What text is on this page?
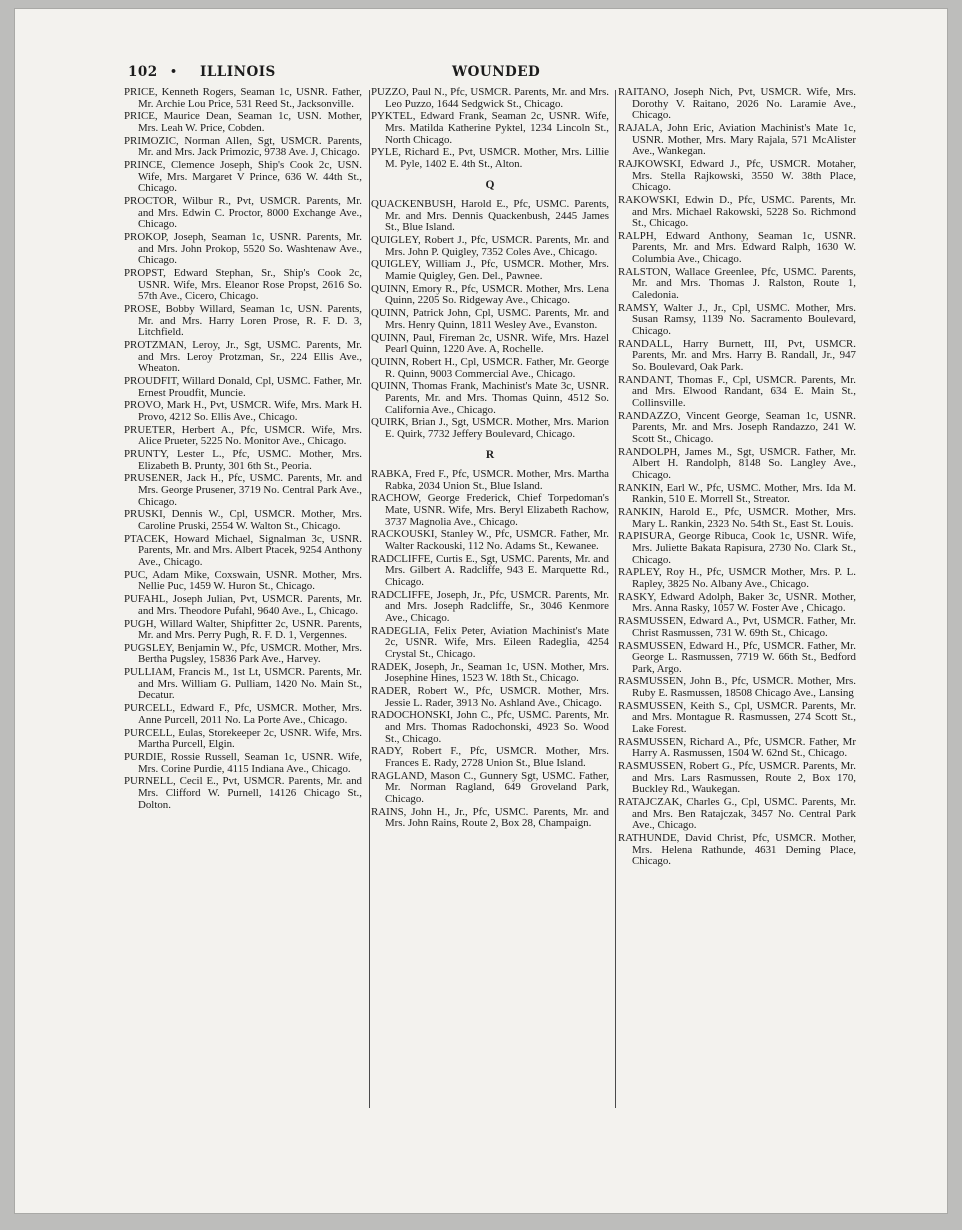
102 • ILLINOIS	WOUNDED
PRICE, Kenneth Rogers, Seaman 1c, USNR. Father, Mr. Archie Lou Price, 531 Reed St., Jacksonville.
PRICE, Maurice Dean, Seaman 1c, USN. Mother, Mrs. Leah W. Price, Cobden.
PRIMOZIC, Norman Allen, Sgt, USMCR. Parents, Mr. and Mrs. Jack Primozic, 9738 Ave. J, Chicago.
PRINCE, Clemence Joseph, Ship's Cook 2c, USN. Wife, Mrs. Margaret V Prince, 636 W. 44th St., Chicago.
PROCTOR, Wilbur R., Pvt, USMCR. Parents, Mr. and Mrs. Edwin C. Proctor, 8000 Exchange Ave., Chicago.
PROKOP, Joseph, Seaman 1c, USNR. Parents, Mr. and Mrs. John Prokop, 5520 So. Washtenaw Ave., Chicago.
PROPST, Edward Stephan, Sr., Ship's Cook 2c, USNR. Wife, Mrs. Eleanor Rose Propst, 2616 So. 57th Ave., Cicero, Chicago.
PROSE, Bobby Willard, Seaman 1c, USN. Parents, Mr. and Mrs. Harry Loren Prose, R. F. D. 3, Litchfield.
PROTZMAN, Leroy, Jr., Sgt, USMC. Parents, Mr. and Mrs. Leroy Protzman, Sr., 224 Ellis Ave., Wheaton.
PROUDFIT, Willard Donald, Cpl, USMC. Father, Mr. Ernest Proudfit, Muncie.
PROVO, Mark H., Pvt, USMCR. Wife, Mrs. Mark H. Provo, 4212 So. Ellis Ave., Chicago.
PRUETER, Herbert A., Pfc, USMCR. Wife, Mrs. Alice Prueter, 5225 No. Monitor Ave., Chicago.
PRUNTY, Lester L., Pfc, USMC. Mother, Mrs. Elizabeth B. Prunty, 301 6th St., Peoria.
PRUSENER, Jack H., Pfc, USMC. Parents, Mr. and Mrs. George Prusener, 3719 No. Central Park Ave., Chicago.
PRUSKI, Dennis W., Cpl, USMCR. Mother, Mrs. Caroline Pruski, 2554 W. Walton St., Chicago.
PTACEK, Howard Michael, Signalman 3c, USNR. Parents, Mr. and Mrs. Albert Ptacek, 9254 Anthony Ave., Chicago.
PUC, Adam Mike, Coxswain, USNR. Mother, Mrs. Nellie Puc, 1459 W. Huron St., Chicago.
PUFAHL, Joseph Julian, Pvt, USMCR. Parents, Mr. and Mrs. Theodore Pufahl, 9640 Ave., L, Chicago.
PUGH, Willard Walter, Shipfitter 2c, USNR. Parents, Mr. and Mrs. Perry Pugh, R. F. D. 1, Vergennes.
PUGSLEY, Benjamin W., Pfc, USMCR. Mother, Mrs. Bertha Pugsley, 15836 Park Ave., Harvey.
PULLIAM, Francis M., 1st Lt, USMCR. Parents, Mr. and Mrs. William G. Pulliam, 1420 No. Main St., Decatur.
PURCELL, Edward F., Pfc, USMCR. Mother, Mrs. Anne Purcell, 2011 No. La Porte Ave., Chicago.
PURCELL, Eulas, Storekeeper 2c, USNR. Wife, Mrs. Martha Purcell, Elgin.
PURDIE, Rossie Russell, Seaman 1c, USNR. Wife, Mrs. Corine Purdie, 4115 Indiana Ave., Chicago.
PURNELL, Cecil E., Pvt, USMCR. Parents, Mr. and Mrs. Clifford W. Purnell, 14126 Chicago St., Dolton.
PUZZO, Paul N., Pfc, USMCR. Parents, Mr. and Mrs. Leo Puzzo, 1644 Sedgwick St., Chicago.
PYKTEL, Edward Frank, Seaman 2c, USNR. Wife, Mrs. Matilda Katherine Pyktel, 1234 Lincoln St., North Chicago.
PYLE, Richard E., Pvt, USMCR. Mother, Mrs. Lillie M. Pyle, 1402 E. 4th St., Alton.
Q
QUACKENBUSH, Harold E., Pfc, USMC. Parents, Mr. and Mrs. Dennis Quackenbush, 2445 James St., Blue Island.
QUIGLEY, Robert J., Pfc, USMCR. Parents, Mr. and Mrs. John P. Quigley, 7352 Coles Ave., Chicago.
QUIGLEY, William J., Pfc, USMCR. Mother, Mrs. Mamie Quigley, Gen. Del., Pawnee.
QUINN, Emory R., Pfc, USMCR. Mother, Mrs. Lena Quinn, 2205 So. Ridgeway Ave., Chicago.
QUINN, Patrick John, Cpl, USMC. Parents, Mr. and Mrs. Henry Quinn, 1811 Wesley Ave., Evanston.
QUINN, Paul, Fireman 2c, USNR. Wife, Mrs. Hazel Pearl Quinn, 1220 Ave. A, Rochelle.
QUINN, Robert H., Cpl, USMCR. Father, Mr. George R. Quinn, 9003 Commercial Ave., Chicago.
QUINN, Thomas Frank, Machinist's Mate 3c, USNR. Parents, Mr. and Mrs. Thomas Quinn, 4512 So. California Ave., Chicago.
QUIRK, Brian J., Sgt, USMCR. Mother, Mrs. Marion E. Quirk, 7732 Jeffery Boulevard, Chicago.
R
RABKA, Fred F., Pfc, USMCR. Mother, Mrs. Martha Rabka, 2034 Union St., Blue Island.
RACHOW, George Frederick, Chief Torpedoman's Mate, USNR. Wife, Mrs. Beryl Elizabeth Rachow, 3737 Magnolia Ave., Chicago.
RACKOUSKI, Stanley W., Pfc, USMCR. Father, Mr. Walter Rackouski, 112 No. Adams St., Kewanee.
RADCLIFFE, Curtis E., Sgt, USMC. Parents, Mr. and Mrs. Gilbert A. Radcliffe, 943 E. Marquette Rd., Chicago.
RADCLIFFE, Joseph, Jr., Pfc, USMCR. Parents, Mr. and Mrs. Joseph Radcliffe, Sr., 3046 Kenmore Ave., Chicago.
RADEGLIA, Felix Peter, Aviation Machinist's Mate 2c, USNR. Wife, Mrs. Eileen Radeglia, 4254 Crystal St., Chicago.
RADEK, Joseph, Jr., Seaman 1c, USN. Mother, Mrs. Josephine Hines, 1523 W. 18th St., Chicago.
RADER, Robert W., Pfc, USMCR. Mother, Mrs. Jessie L. Rader, 3913 No. Ashland Ave., Chicago.
RADOCHONSKI, John C., Pfc, USMC. Parents, Mr. and Mrs. Thomas Radochonski, 4923 So. Wood St., Chicago.
RADY, Robert F., Pfc, USMCR. Mother, Mrs. Frances E. Rady, 2728 Union St., Blue Island.
RAGLAND, Mason C., Gunnery Sgt, USMC. Father, Mr. Norman Ragland, 649 Groveland Park, Chicago.
RAINS, John H., Jr., Pfc, USMC. Parents, Mr. and Mrs. John Rains, Route 2, Box 28, Champaign.
RAITANO, Joseph Nich, Pvt, USMCR. Wife, Mrs. Dorothy V. Raitano, 2026 No. Laramie Ave., Chicago.
RAJALA, John Eric, Aviation Machinist's Mate 1c, USNR. Mother, Mrs. Mary Rajala, 571 McAlister Ave., Wankegan.
RAJKOWSKI, Edward J., Pfc, USMCR. Motaher, Mrs. Stella Rajkowski, 3550 W. 38th Place, Chicago.
RAKOWSKI, Edwin D., Pfc, USMC. Parents, Mr. and Mrs. Michael Rakowski, 5228 So. Richmond St., Chicago.
RALPH, Edward Anthony, Seaman 1c, USNR. Parents, Mr. and Mrs. Edward Ralph, 1630 W. Columbia Ave., Chicago.
RALSTON, Wallace Greenlee, Pfc, USMC. Parents, Mr. and Mrs. Thomas J. Ralston, Route 1, Caledonia.
RAMSY, Walter J., Jr., Cpl, USMC. Mother, Mrs. Susan Ramsy, 1139 No. Sacramento Boulevard, Chicago.
RANDALL, Harry Burnett, III, Pvt, USMCR. Parents, Mr. and Mrs. Harry B. Randall, Jr., 947 So. Boulevard, Oak Park.
RANDANT, Thomas F., Cpl, USMCR. Parents, Mr. and Mrs. Elwood Randant, 634 E. Main St., Collinsville.
RANDAZZO, Vincent George, Seaman 1c, USNR. Parents, Mr. and Mrs. Joseph Randazzo, 241 W. Scott St., Chicago.
RANDOLPH, James M., Sgt, USMCR. Father, Mr. Albert H. Randolph, 8148 So. Langley Ave., Chicago.
RANKIN, Earl W., Pfc, USMC. Mother, Mrs. Ida M. Rankin, 510 E. Morrell St., Streator.
RANKIN, Harold E., Pfc, USMCR. Mother, Mrs. Mary L. Rankin, 2323 No. 54th St., East St. Louis.
RAPISURA, George Ribuca, Cook 1c, USNR. Wife, Mrs. Juliette Bakata Rapisura, 2730 No. Clark St., Chicago.
RAPLEY, Roy H., Pfc, USMCR Mother, Mrs. P. L. Rapley, 3825 No. Albany Ave., Chicago.
RASKY, Edward Adolph, Baker 3c, USNR. Mother, Mrs. Anna Rasky, 1057 W. Foster Ave , Chicago.
RASMUSSEN, Edward A., Pvt, USMCR. Father, Mr. Christ Rasmussen, 731 W. 69th St., Chicago.
RASMUSSEN, Edward H., Pfc, USMCR. Father, Mr. George L. Rasmussen, 7719 W. 66th St., Bedford Park, Argo.
RASMUSSEN, John B., Pfc, USMCR. Mother, Mrs. Ruby E. Rasmussen, 18508 Chicago Ave., Lansing
RASMUSSEN, Keith S., Cpl, USMCR. Parents, Mr. and Mrs. Montague R. Rasmussen, 274 Scott St., Lake Forest.
RASMUSSEN, Richard A., Pfc, USMCR. Father, Mr Harry A. Rasmussen, 1504 W. 62nd St., Chicago.
RASMUSSEN, Robert G., Pfc, USMCR. Parents, Mr. and Mrs. Lars Rasmussen, Route 2, Box 170, Buckley Rd., Waukegan.
RATAJCZAK, Charles G., Cpl, USMC. Parents, Mr. and Mrs. Ben Ratajczak, 3457 No. Central Park Ave., Chicago.
RATHUNDE, David Christ, Pfc, USMCR. Mother, Mrs. Helena Rathunde, 4631 Deming Place, Chicago.
